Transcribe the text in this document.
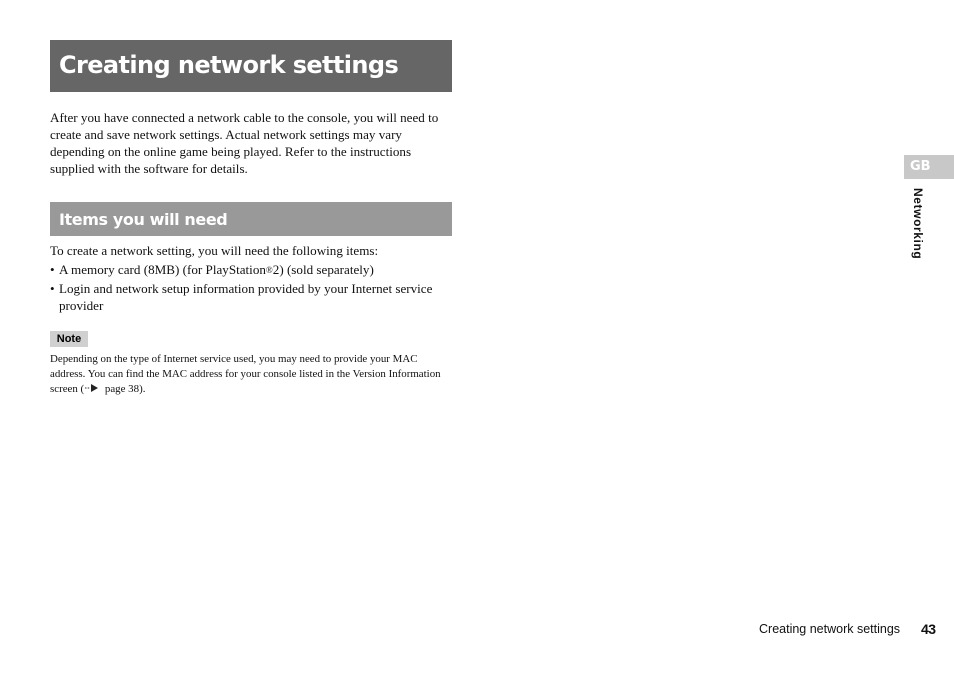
Creating network settings

After you have connected a network cable to the console, you will need to create and save network settings. Actual network settings may vary depending on the online game being played. Refer to the instructions supplied with the software for details.

Items you will need

To create a network setting, you will need the following items:

• A memory card (8MB) (for PlayStation®2) (sold separately)
• Login and network setup information provided by your Internet service provider
Note

Depending on the type of Internet service used, you may need to provide your MAC address. You can find the MAC address for your console listed in the Version Information screen ( page 38).

GB
Networking
Creating network settings 43
